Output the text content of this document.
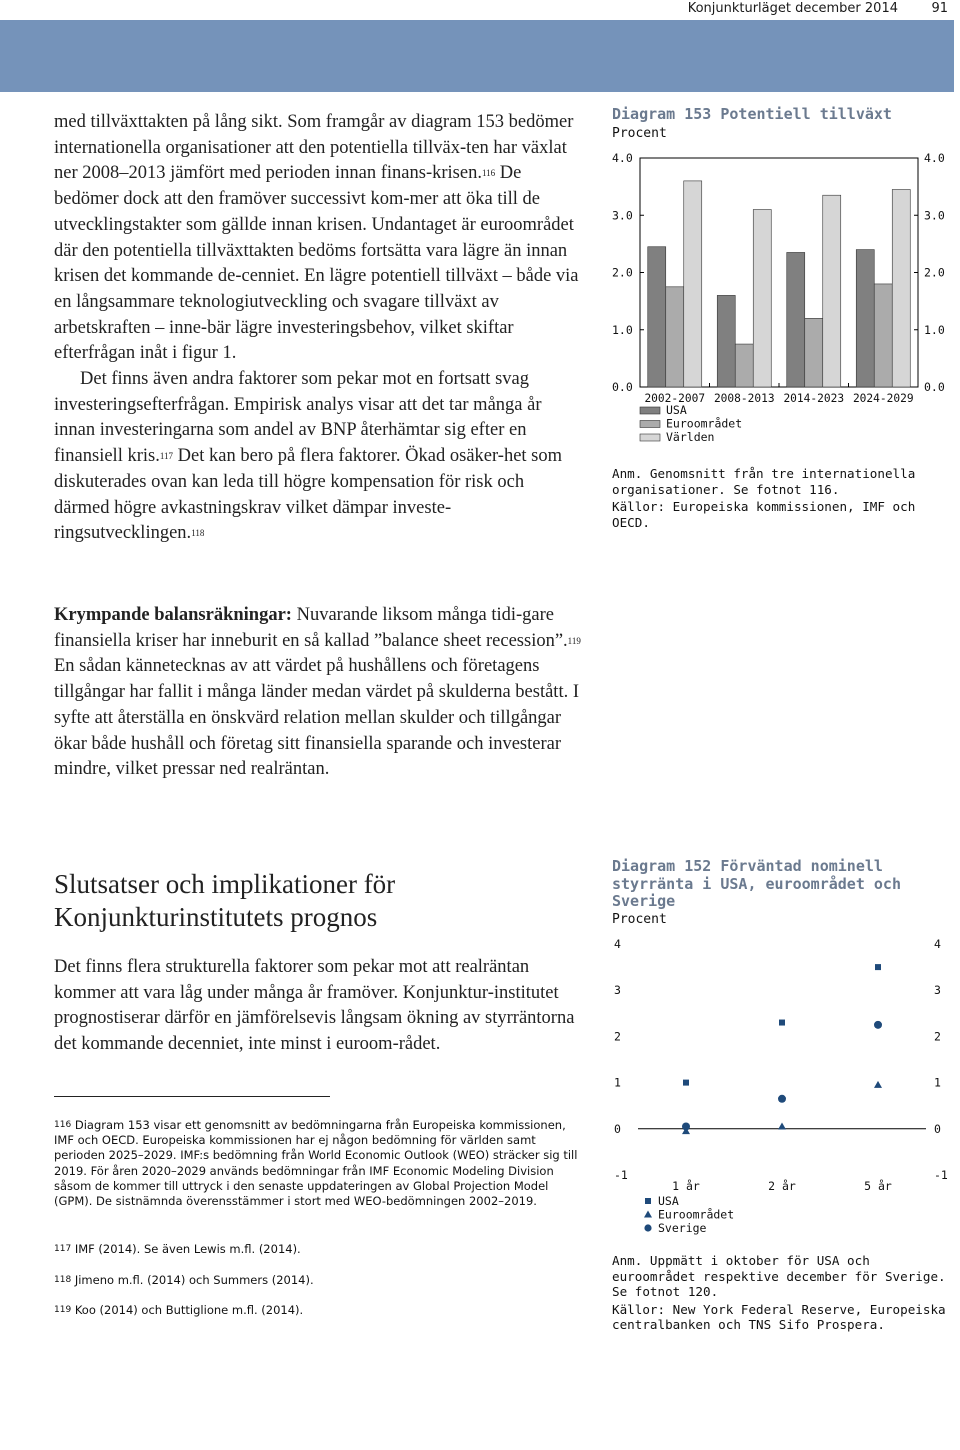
Konjunkturläget december 2014	91

med tillväxttakten på lång sikt. Som framgår av diagram 153 bedömer internationella organisationer att den potentiella tillväx-ten har växlat ner 2008–2013 jämfört med perioden innan finans-krisen.$^{116}$ De bedömer dock att den framöver successivt kom-mer att öka till de utvecklingstakter som gällde innan krisen. Undantaget är euroområdet där den potentiella tillväxttakten bedöms fortsätta vara lägre än innan krisen det kommande de-cenniet. En lägre potentiell tillväxt – både via en långsammare teknologiutveckling och svagare tillväxt av arbetskraften – inne-bär lägre investeringsbehov, vilket skiftar efterfrågan inåt i figur 1.

Det finns även andra faktorer som pekar mot en fortsatt svag investeringsefterfrågan. Empirisk analys visar att det tar många år innan investeringarna som andel av BNP återhämtar sig efter en finansiell kris.$^{117}$ Det kan bero på flera faktorer. Ökad osäker-het som diskuterades ovan kan leda till högre kompensation för risk och därmed högre avkastningskrav vilket dämpar investe-ringsutvecklingen.$^{118}$

Krympande balansräkningar: Nuvarande liksom många tidi-gare finansiella kriser har inneburit en så kallad ”balance sheet recession”.$^{119}$ En sådan kännetecknas av att värdet på hushållens och företagens tillgångar har fallit i många länder medan värdet på skulderna bestått. I syfte att återställa en önskvärd relation mellan skulder och tillgångar ökar både hushåll och företag sitt finansiella sparande och investerar mindre, vilket pressar ned realräntan.

Slutsatser och implikationer för Konjunkturinstitutets prognos

Det finns flera strukturella faktorer som pekar mot att realräntan kommer att vara låg under många år framöver. Konjunktur-institutet prognostiserar därför en jämförelsevis långsam ökning av styrräntorna det kommande decenniet, inte minst i euroom-rådet.

$^{116}$ Diagram 153 visar ett genomsnitt av bedömningarna från Europeiska kommissionen, IMF och OECD. Europeiska kommissionen har ej någon bedömning för världen samt perioden 2025–2029. IMF:s bedömning från World Economic Outlook (WEO) sträcker sig till 2019. För åren 2020–2029 används bedömningar från IMF Economic Modeling Division såsom de kommer till uttryck i den senaste uppdateringen av Global Projection Model (GPM). De sistnämnda överensstämmer i stort med WEO-bedömningen 2002–2019.

$^{117}$ IMF (2014). Se även Lewis m.fl. (2014).

$^{118}$ Jimeno m.fl. (2014) och Summers (2014).

$^{119}$ Koo (2014) och Buttiglione m.fl. (2014).

Diagram 153 Potentiell tillväxt
Procent
0.0	0.0
1.0	1.0
2.0	2.0
3.0	3.0
4.0	4.0
2002-2007 2008-2013 2014-2023 2024-2029
USA
Euroområdet
Världen

Anm. Genomsnitt från tre internationella organisationer. Se fotnot 116.

Källor: Europeiska kommissionen, IMF och OECD.

Diagram 152 Förväntad nominell styrränta i USA, euroområdet och Sverige
Procent
-1	-1
0	0
1	1
2	2
3	3
4	4
1 år	2 år	5 år
USA
Euroområdet
Sverige

Anm. Uppmätt i oktober för USA och euroområdet respektive december för Sverige. Se fotnot 120.

Källor: New York Federal Reserve, Europeiska centralbanken och TNS Sifo Prospera.
